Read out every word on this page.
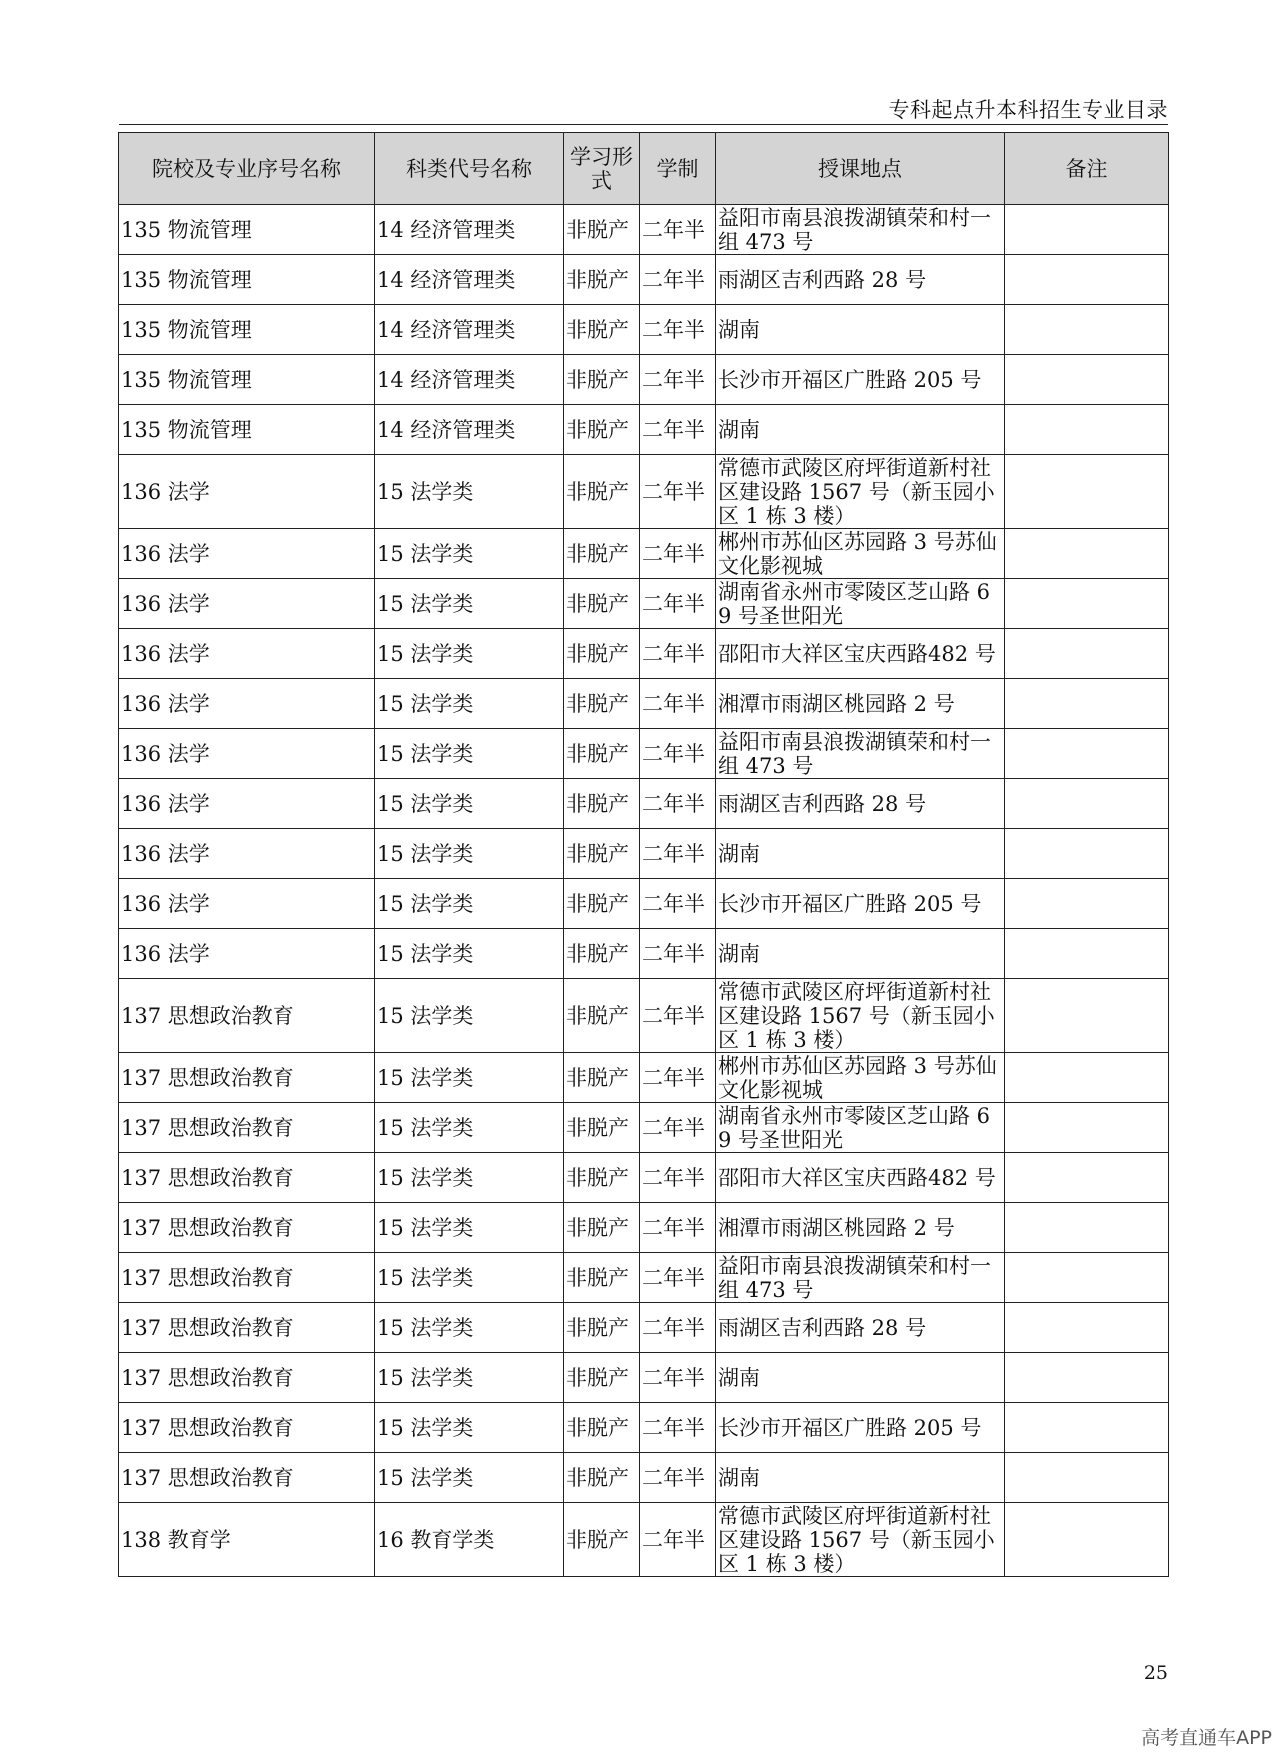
专科起点升本科招生专业目录
院校及专业序号名称	科类代号名称	学习形式	学制	授课地点	备注
135 物流管理	14 经济管理类	非脱产	二年半	益阳市南县浪拨湖镇荣和村一组 473 号	
135 物流管理	14 经济管理类	非脱产	二年半	雨湖区吉利西路 28 号	
135 物流管理	14 经济管理类	非脱产	二年半	湖南	
135 物流管理	14 经济管理类	非脱产	二年半	长沙市开福区广胜路 205 号	
135 物流管理	14 经济管理类	非脱产	二年半	湖南	
136 法学	15 法学类	非脱产	二年半	常德市武陵区府坪街道新村社区建设路 1567 号（新玉园小区 1 栋 3 楼）	
136 法学	15 法学类	非脱产	二年半	郴州市苏仙区苏园路 3 号苏仙文化影视城	
136 法学	15 法学类	非脱产	二年半	湖南省永州市零陵区芝山路 69 号圣世阳光	
136 法学	15 法学类	非脱产	二年半	邵阳市大祥区宝庆西路482 号	
136 法学	15 法学类	非脱产	二年半	湘潭市雨湖区桃园路 2 号	
136 法学	15 法学类	非脱产	二年半	益阳市南县浪拨湖镇荣和村一组 473 号	
136 法学	15 法学类	非脱产	二年半	雨湖区吉利西路 28 号	
136 法学	15 法学类	非脱产	二年半	湖南	
136 法学	15 法学类	非脱产	二年半	长沙市开福区广胜路 205 号	
136 法学	15 法学类	非脱产	二年半	湖南	
137 思想政治教育	15 法学类	非脱产	二年半	常德市武陵区府坪街道新村社区建设路 1567 号（新玉园小区 1 栋 3 楼）	
137 思想政治教育	15 法学类	非脱产	二年半	郴州市苏仙区苏园路 3 号苏仙文化影视城	
137 思想政治教育	15 法学类	非脱产	二年半	湖南省永州市零陵区芝山路 69 号圣世阳光	
137 思想政治教育	15 法学类	非脱产	二年半	邵阳市大祥区宝庆西路482 号	
137 思想政治教育	15 法学类	非脱产	二年半	湘潭市雨湖区桃园路 2 号	
137 思想政治教育	15 法学类	非脱产	二年半	益阳市南县浪拨湖镇荣和村一组 473 号	
137 思想政治教育	15 法学类	非脱产	二年半	雨湖区吉利西路 28 号	
137 思想政治教育	15 法学类	非脱产	二年半	湖南	
137 思想政治教育	15 法学类	非脱产	二年半	长沙市开福区广胜路 205 号	
137 思想政治教育	15 法学类	非脱产	二年半	湖南	
138 教育学	16 教育学类	非脱产	二年半	常德市武陵区府坪街道新村社区建设路 1567 号（新玉园小区 1 栋 3 楼）	
25
高考直通车APP
